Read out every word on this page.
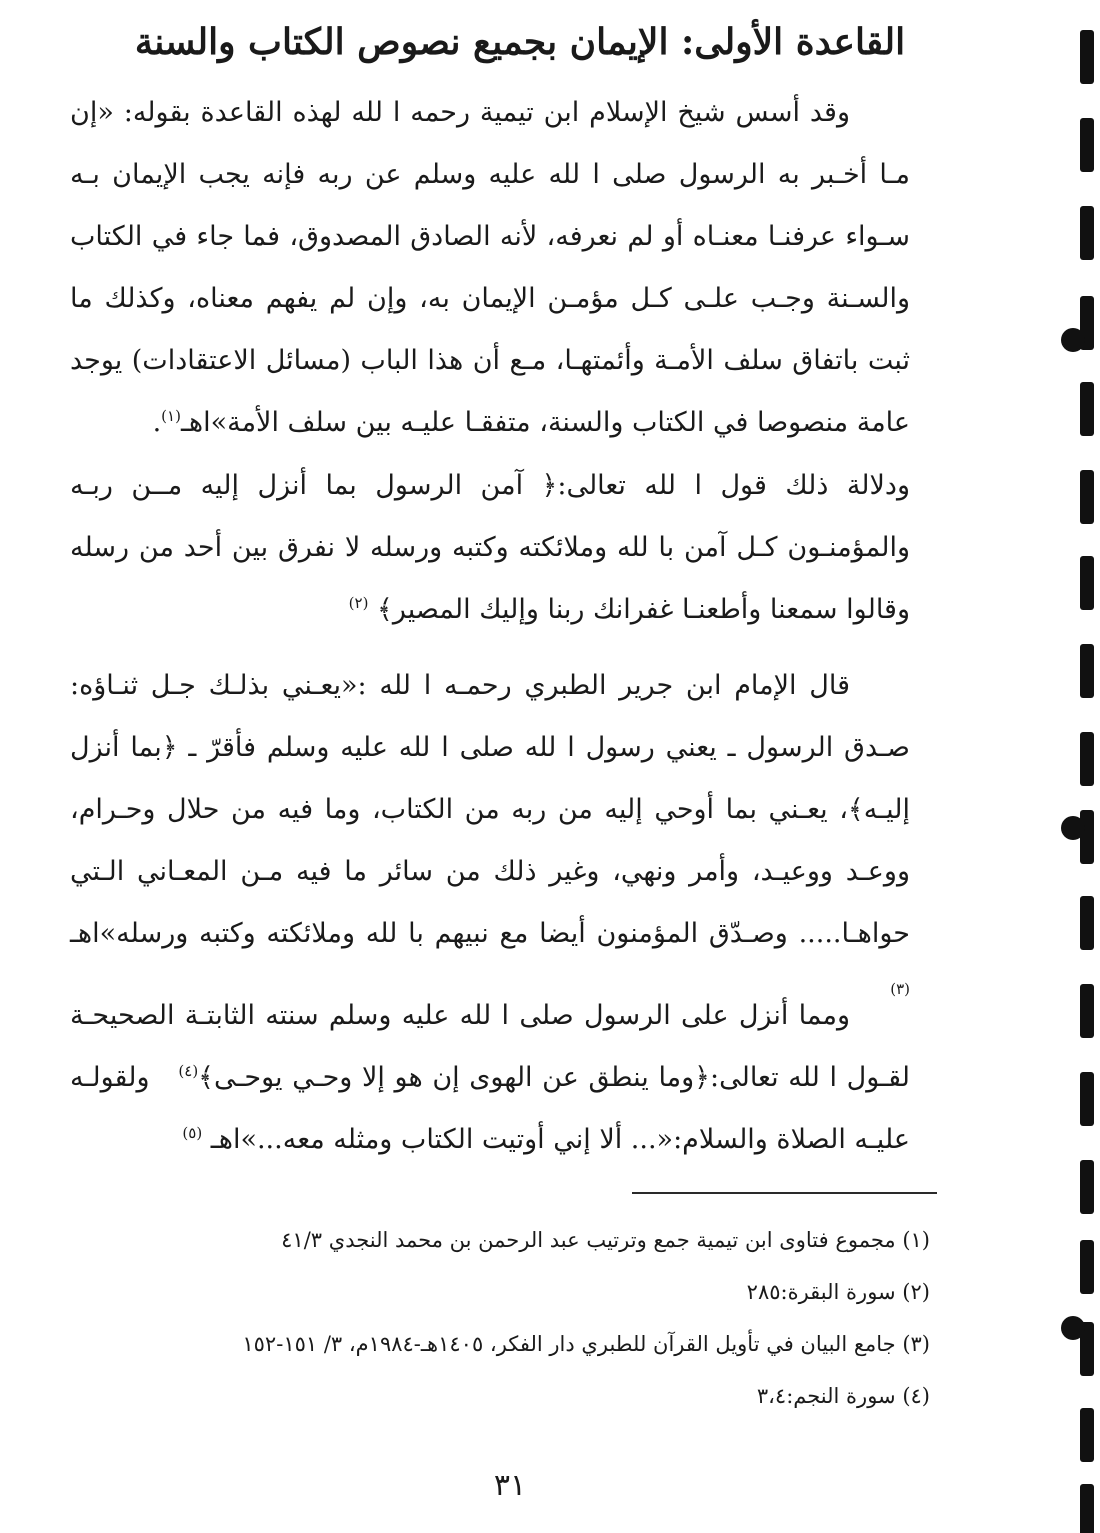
القاعدة الأولى: الإيمان بجميع نصوص الكتاب والسنة

وقد أسس شيخ الإسلام ابن تيمية رحمه ا لله لهذه القاعدة بقوله: «إن مـا أخـبر به الرسول صلى ا لله عليه وسلم عن ربه فإنه يجب الإيمان بـه سـواء عرفنـا معنـاه أو لم نعرفه، لأنه الصادق المصدوق، فما جاء في الكتاب والسـنة وجـب علـى كـل مؤمـن الإيمان به، وإن لم يفهم معناه، وكذلك ما ثبت باتفاق سلف الأمـة وأئمتهـا، مـع أن هذا الباب (مسائل الاعتقادات) يوجد عامة منصوصا في الكتاب والسنة، متفقـا عليـه بين سلف الأمة»اهـ$^{(١)}$.

ودلالة ذلك قول ا لله تعالى:﴿ آمن الرسول بما أنزل إليه مــن ربـه والمؤمنـون كـل آمن با لله وملائكته وكتبه ورسله لا نفرق بين أحد من رسله وقالوا سمعنا وأطعنـا غفرانك ربنا وإليك المصير﴾ $^{(٢)}$

قال الإمام ابن جرير الطبري رحمـه ا لله :«يعـني بذلـك جـل ثنـاؤه: صـدق الرسول ـ يعني رسول ا لله صلى ا لله عليه وسلم فأقرّ ـ ﴿بما أنزل إليـه﴾، يعـني بما أوحي إليه من ربه من الكتاب، وما فيه من حلال وحـرام، ووعـد ووعيـد، وأمر ونهي، وغير ذلك من سائر ما فيه مـن المعـاني الـتي حواهـا..... وصـدّق المؤمنون أيضا مع نبيهم با لله وملائكته وكتبه ورسله»اهـ $^{(٣)}$

ومما أنزل على الرسول صلى ا لله عليه وسلم سنته الثابتـة الصحيحـة لقـول ا لله تعالى:﴿وما ينطق عن الهوى إن هو إلا وحـي يوحـى﴾$^{(٤)}$   ولقولـه عليـه الصلاة والسلام:«... ألا إني أوتيت الكتاب ومثله معه...»اهـ $^{(٥)}$

(١) مجموع فتاوى ابن تيمية جمع وترتيب عبد الرحمن بن محمد النجدي ٤١/٣
(٢) سورة البقرة:٢٨٥
(٣) جامع البيان في تأويل القرآن للطبري دار الفكر، ١٤٠٥هـ-١٩٨٤م، ٣/ ١٥١-١٥٢
(٤) سورة النجم:٣،٤
٣١
